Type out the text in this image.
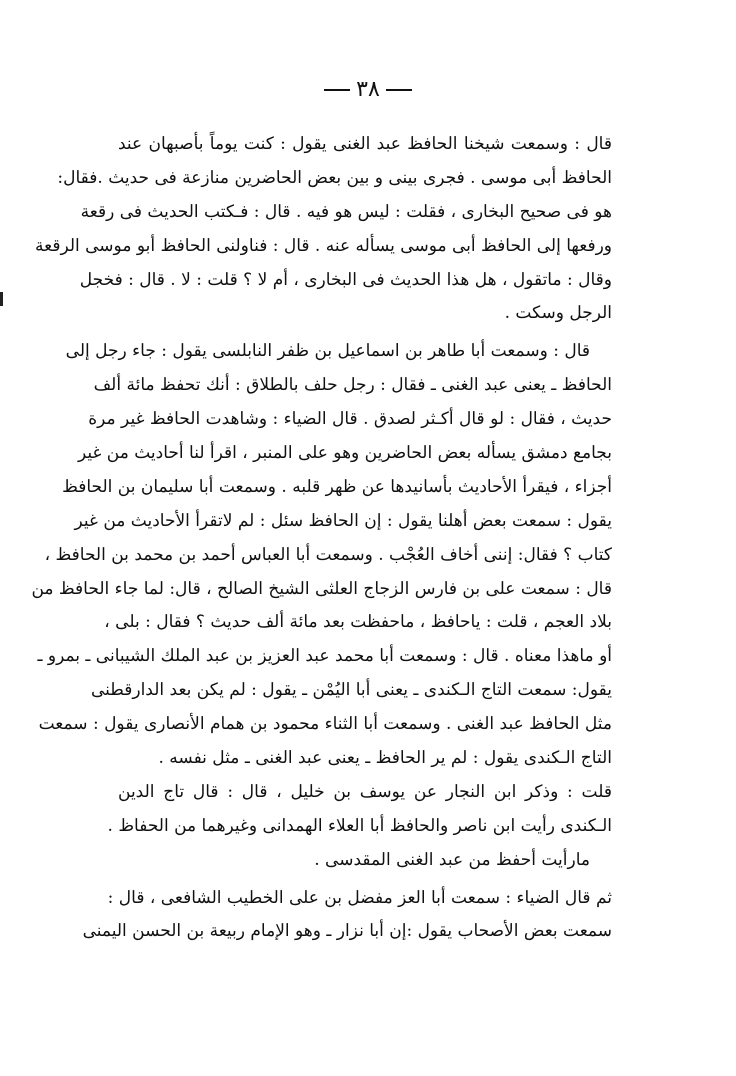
٣٨
قال : وسمعت شيخنا الحافظ عبد الغنى يقول : كنت يوماً بأصبهان عند
الحافظ أبى موسى . فجرى بينى و بين بعض الحاضرين منازعة فى حديث .فقال:
هو فى صحيح البخارى ، فقلت : ليس هو فيه . قال : فـكتب الحديث فى رقعة
ورفعها إلى الحافظ أبى موسى يسأله عنه . قال : فناولنى الحافظ أبو موسى الرقعة
وقال : ماتقول ، هل هذا الحديث فى البخارى ، أم لا ؟ قلت : لا . قال : فخجل
الرجل وسكت .
قال : وسمعت أبا طاهر بن اسماعيل بن ظفر النابلسى يقول : جاء رجل إلى
الحافظ ـ يعنى عبد الغنى ـ فقال : رجل حلف بالطلاق : أنك تحفظ مائة ألف
حديث ، فقال : لو قال أكـثر لصدق . قال الضياء : وشاهدت الحافظ غير مرة
بجامع دمشق يسأله بعض الحاضرين وهو على المنبر ، اقرأ لنا أحاديث من غير
أجزاء ، فيقرأ الأحاديث بأسانيدها عن ظهر قلبه . وسمعت أبا سليمان بن الحافظ
يقول : سمعت بعض أهلنا يقول : إن الحافظ سئل : لم لاتقرأ الأحاديث من غير
كتاب ؟ فقال: إننى أخاف العُجْب . وسمعت أبا العباس أحمد بن محمد بن الحافظ ،
قال : سمعت على بن فارس الزجاج العلثى الشيخ الصالح ، قال: لما جاء الحافظ من
بلاد العجم ، قلت : ياحافظ ، ماحفظت بعد مائة ألف حديث ؟ فقال : بلى ،
أو ماهذا معناه . قال : وسمعت أبا محمد عبد العزيز بن عبد الملك الشيبانى ـ بمرو ـ
يقول: سمعت التاج الـكندى ـ يعنى أبا اليُمْن ـ يقول : لم يكن بعد الدارقطنى
مثل الحافظ عبد الغنى . وسمعت أبا الثناء محمود بن همام الأنصارى يقول : سمعت
التاج الـكندى يقول : لم ير الحافظ ـ يعنى عبد الغنى ـ مثل نفسه .
قلت : وذكر ابن النجار عن يوسف بن خليل ، قال : قال تاج الدين
الـكندى رأيت ابن ناصر والحافظ أبا العلاء الهمدانى وغيرهما من الحفاظ .
مارأيت أحفظ من عبد الغنى المقدسى .
ثم قال الضياء : سمعت أبا العز مفضل بن على الخطيب الشافعى ، قال :
سمعت بعض الأصحاب يقول :إن أبا نزار ـ وهو الإمام ربيعة بن الحسن اليمنى
